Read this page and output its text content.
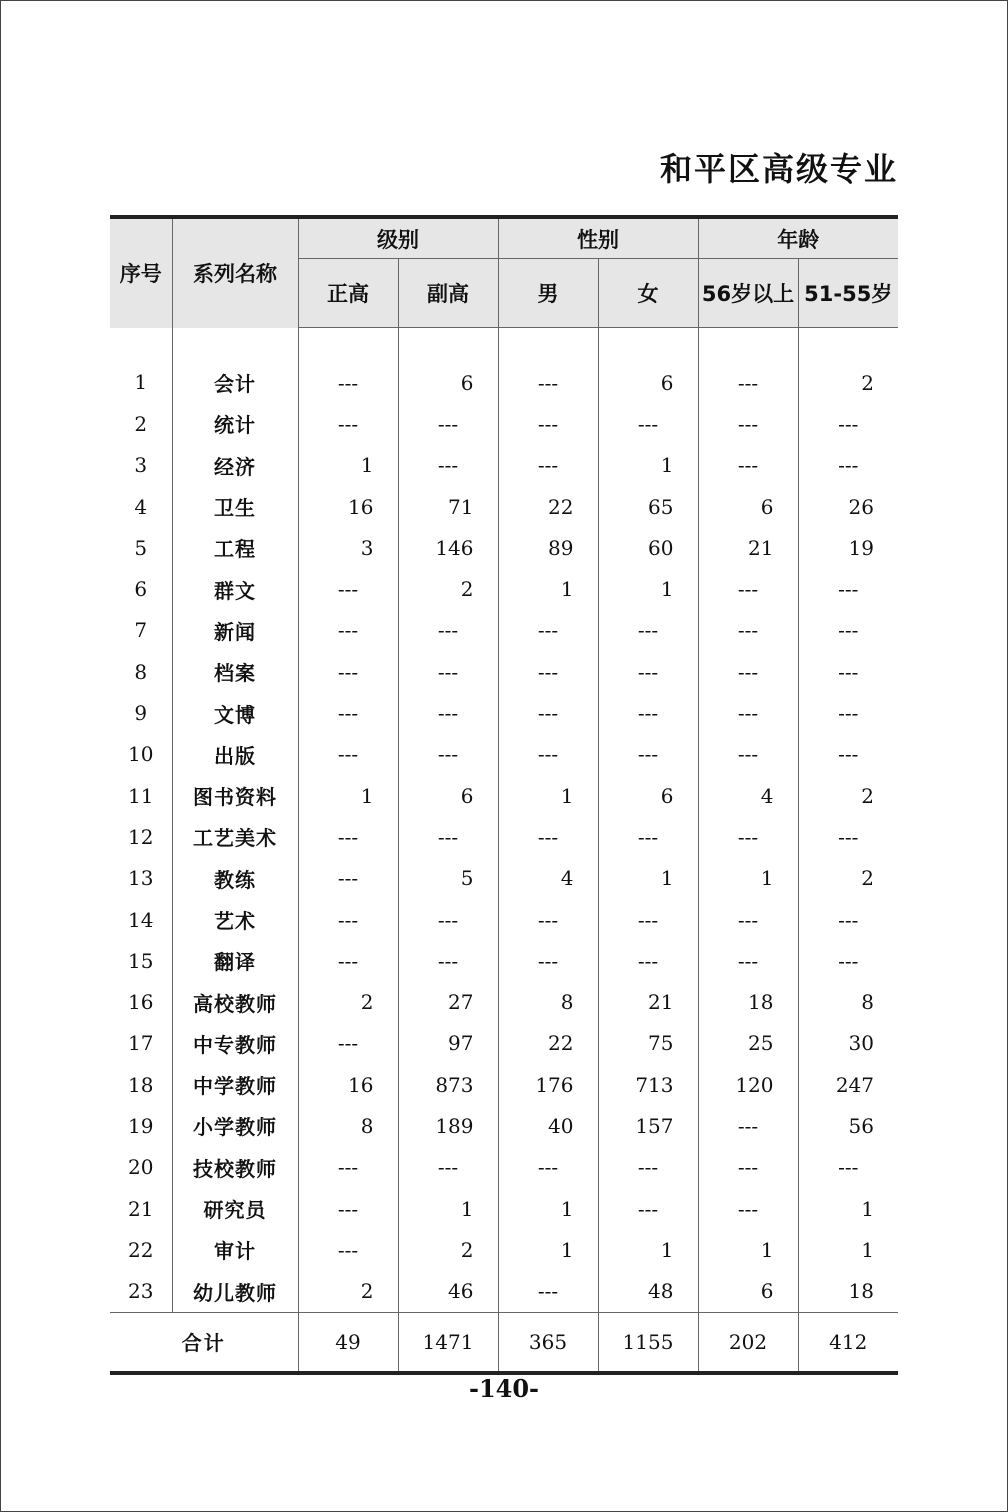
和平区高级专业
序号	系列名称	级别		性别		年龄	
		正高	副高	男	女	56岁以上	51-55岁
1	会计	---	6	---	6	---	2
2	统计	---	---	---	---	---	---
3	经济	1	---	---	1	---	---
4	卫生	16	71	22	65	6	26
5	工程	3	146	89	60	21	19
6	群文	---	2	1	1	---	---
7	新闻	---	---	---	---	---	---
8	档案	---	---	---	---	---	---
9	文博	---	---	---	---	---	---
10	出版	---	---	---	---	---	---
11	图书资料	1	6	1	6	4	2
12	工艺美术	---	---	---	---	---	---
13	教练	---	5	4	1	1	2
14	艺术	---	---	---	---	---	---
15	翻译	---	---	---	---	---	---
16	高校教师	2	27	8	21	18	8
17	中专教师	---	97	22	75	25	30
18	中学教师	16	873	176	713	120	247
19	小学教师	8	189	40	157	---	56
20	技校教师	---	---	---	---	---	---
21	研究员	---	1	1	---	---	1
22	审计	---	2	1	1	1	1
23	幼儿教师	2	46	---	48	6	18
合计		49	1471	365	1155	202	412
-140-
